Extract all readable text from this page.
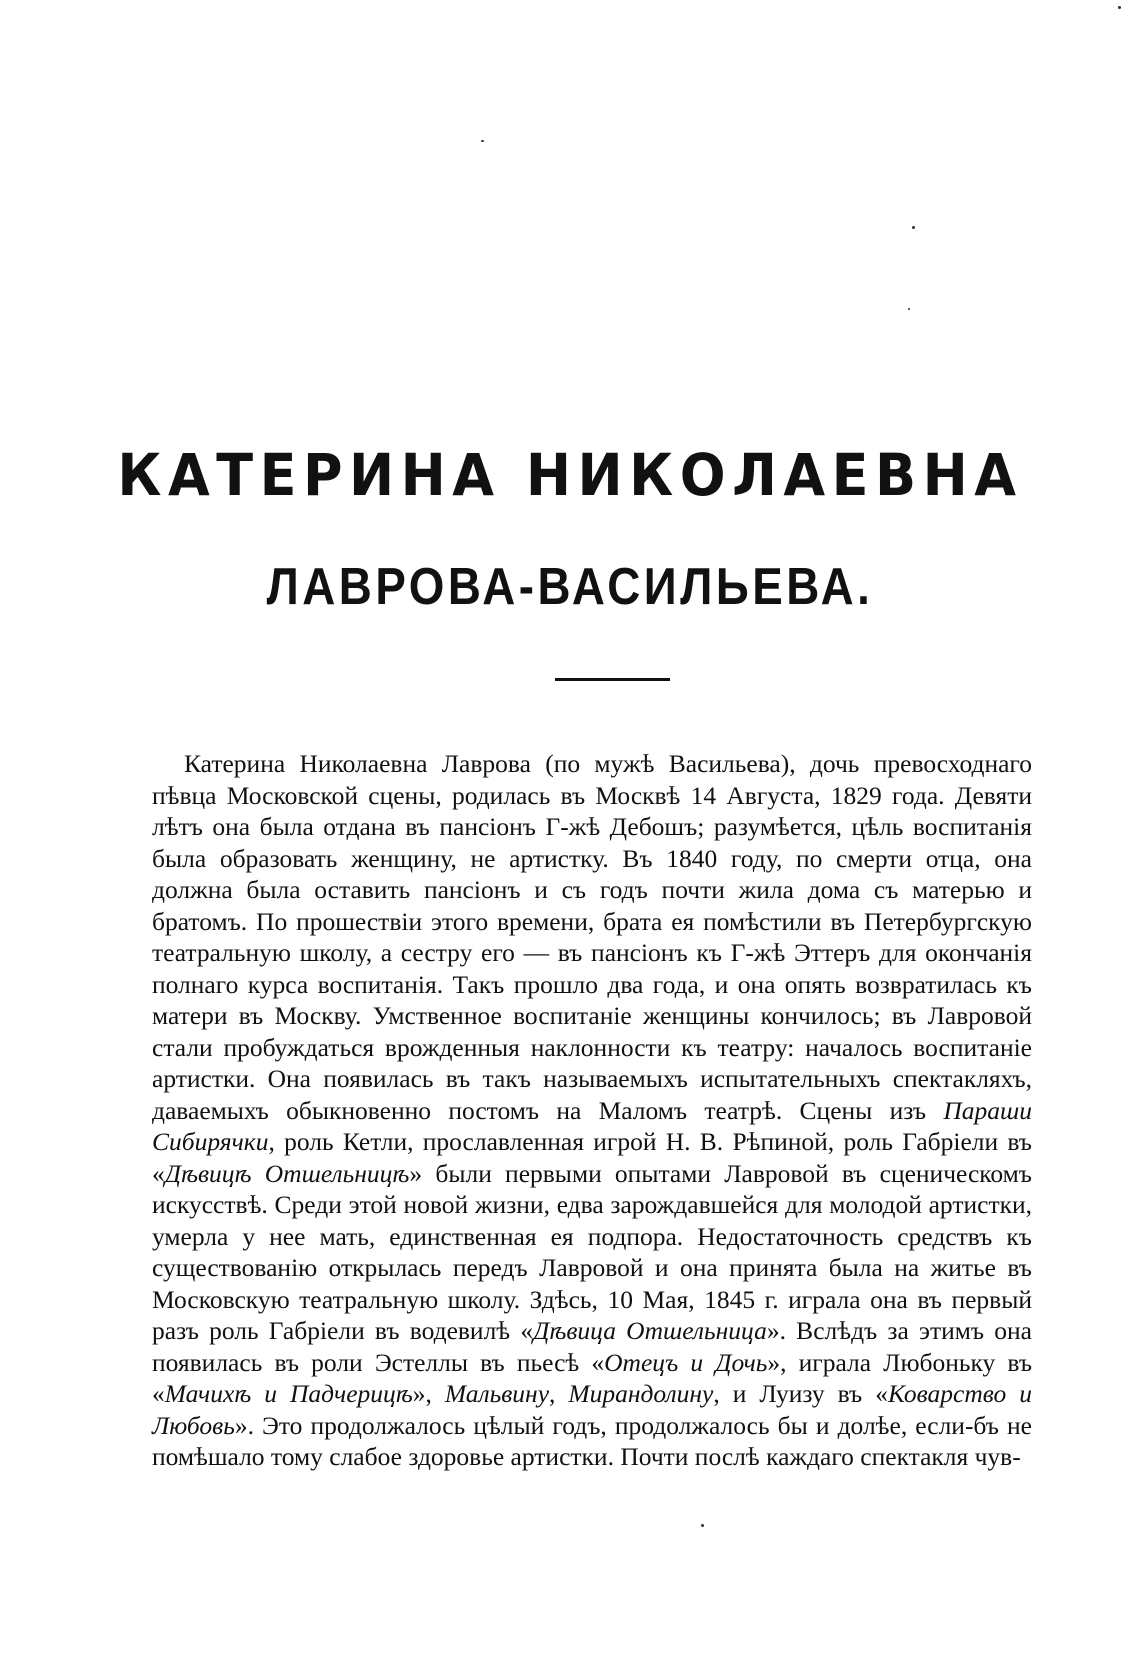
КАТЕРИНА НИКОЛАЕВНА
ЛАВРОВА-ВАСИЛЬЕВА.

Катерина Николаевна Лаврова (по мужѣ Васильева), дочь превосходнаго пѣвца Московской сцены, родилась въ Москвѣ 14 Августа, 1829 года. Девяти лѣтъ она была отдана въ пансіонъ Г-жѣ Дебошъ; разумѣется, цѣль воспитанія была образовать женщину, не артистку. Въ 1840 году, по смерти отца, она должна была оставить пансіонъ и съ годъ почти жила дома съ матерью и братомъ. По прошествіи этого времени, брата ея помѣстили въ Петербургскую театральную школу, а сестру его — въ пансіонъ къ Г-жѣ Эттеръ для окончанія полнаго курса воспитанія. Такъ прошло два года, и она опять возвратилась къ матери въ Москву. Умственное воспитаніе женщины кончилось; въ Лавровой стали пробуждаться врожденныя наклонности къ театру: началось воспитаніе артистки. Она появилась въ такъ называемыхъ испытательныхъ спектакляхъ, даваемыхъ обыкновенно постомъ на Маломъ театрѣ. Сцены изъ Параши Сибирячки, роль Кетли, прославленная игрой Н. В. Рѣпиной, роль Габріели въ «Дѣвицѣ Отшельницѣ» были первыми опытами Лавровой въ сценическомъ искусствѣ. Среди этой новой жизни, едва зарождавшейся для молодой артистки, умерла у нее мать, единственная ея подпора. Недостаточность средствъ къ существованію открылась передъ Лавровой и она принята была на житье въ Московскую театральную школу. Здѣсь, 10 Мая, 1845 г. играла она въ первый разъ роль Габріели въ водевилѣ «Дѣвица Отшельница». Вслѣдъ за этимъ она появилась въ роли Эстеллы въ пьесѣ «Отецъ и Дочь», играла Любоньку въ «Мачихѣ и Падчерицѣ», Мальвину, Мирандолину, и Луизу въ «Коварство и Любовь». Это продолжалось цѣлый годъ, продолжалось бы и долѣе, если-бъ не помѣшало тому слабое здоровье артистки. Почти послѣ каждаго спектакля чув-
